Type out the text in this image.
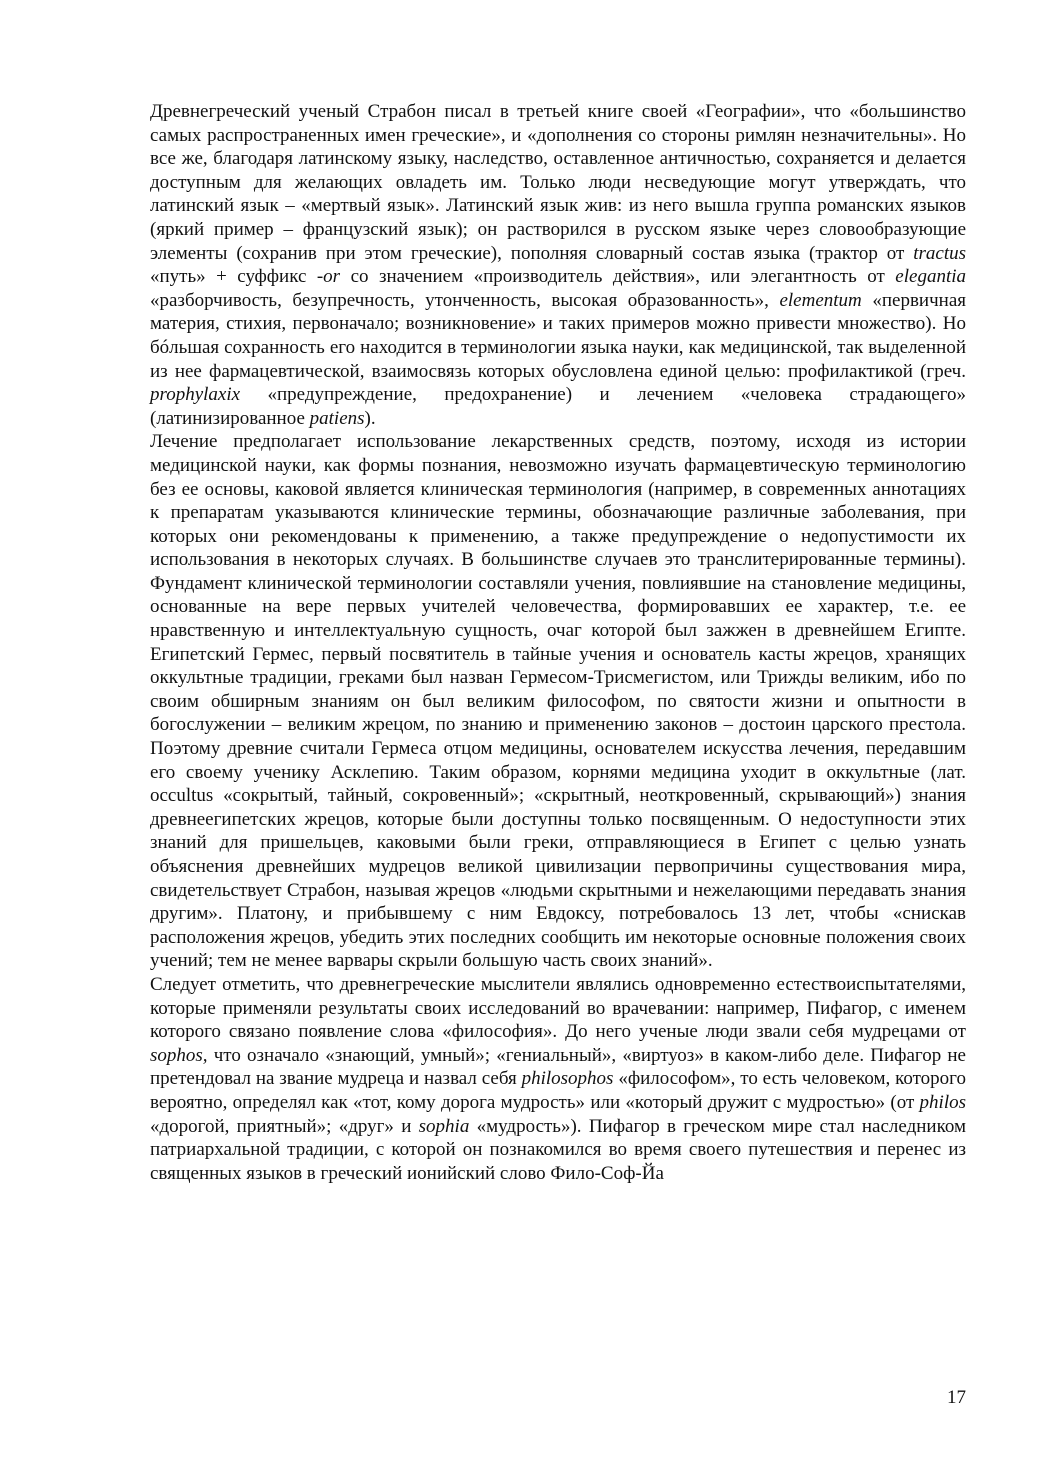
Древнегреческий ученый Страбон писал в третьей книге своей «Географии», что «большинство самых распространенных имен греческие», и «дополнения со стороны римлян незначительны». Но все же, благодаря латинскому языку, наследство, оставленное античностью, сохраняется и делается доступным для желающих овладеть им. Только люди несведующие могут утверждать, что латинский язык – «мертвый язык». Латинский язык жив: из него вышла группа романских языков (яркий пример – французский язык); он растворился в русском языке через словообразующие элементы (сохранив при этом греческие), пополняя словарный состав языка (трактор от tractus «путь» + суффикс -or со значением «производитель действия», или элегантность от elegantia «разборчивость, безупречность, утонченность, высокая образованность», elementum «первичная материя, стихия, первоначало; возникновение» и таких примеров можно привести множество). Но бóльшая сохранность его находится в терминологии языка науки, как медицинской, так выделенной из нее фармацевтической, взаимосвязь которых обусловлена единой целью: профилактикой (греч. prophylaxix «предупреждение, предохранение) и лечением «человека страдающего» (латинизированное patiens).

Лечение предполагает использование лекарственных средств, поэтому, исходя из истории медицинской науки, как формы познания, невозможно изучать фармацевтическую терминологию без ее основы, каковой является клиническая терминология (например, в современных аннотациях к препаратам указываются клинические термины, обозначающие различные заболевания, при которых они рекомендованы к применению, а также предупреждение о недопустимости их использования в некоторых случаях. В большинстве случаев это транслитерированные термины). Фундамент клинической терминологии составляли учения, повлиявшие на становление медицины, основанные на вере первых учителей человечества, формировавших ее характер, т.е. ее нравственную и интеллектуальную сущность, очаг которой был зажжен в древнейшем Египте. Египетский Гермес, первый посвятитель в тайные учения и основатель касты жрецов, хранящих оккультные традиции, греками был назван Гермесом-Трисмегистом, или Трижды великим, ибо по своим обширным знаниям он был великим философом, по святости жизни и опытности в богослужении – великим жрецом, по знанию и применению законов – достоин царского престола. Поэтому древние считали Гермеса отцом медицины, основателем искусства лечения, передавшим его своему ученику Асклепию. Таким образом, корнями медицина уходит в оккультные (лат. occultus «сокрытый, тайный, сокровенный»; «скрытный, неоткровенный, скрывающий») знания древнеегипетских жрецов, которые были доступны только посвященным. О недоступности этих знаний для пришельцев, каковыми были греки, отправляющиеся в Египет с целью узнать объяснения древнейших мудрецов великой цивилизации первопричины существования мира, свидетельствует Страбон, называя жрецов «людьми скрытными и нежелающими передавать знания другим». Платону, и прибывшему с ним Евдоксу, потребовалось 13 лет, чтобы «снискав расположения жрецов, убедить этих последних сообщить им некоторые основные положения своих учений; тем не менее варвары скрыли большую часть своих знаний».

Следует отметить, что древнегреческие мыслители являлись одновременно естествоиспытателями, которые применяли результаты своих исследований во врачевании: например, Пифагор, с именем которого связано появление слова «философия». До него ученые люди звали себя мудрецами от sophos, что означало «знающий, умный»; «гениальный», «виртуоз» в каком-либо деле. Пифагор не претендовал на звание мудреца и назвал себя philosophos «философом», то есть человеком, которого вероятно, определял как «тот, кому дорога мудрость» или «который дружит с мудростью» (от philos «дорогой, приятный»; «друг» и sophia «мудрость»). Пифагор в греческом мире стал наследником патриархальной традиции, с которой он познакомился во время своего путешествия и перенес из священных языков в греческий ионийский слово Фило-Соф-Йа

17
